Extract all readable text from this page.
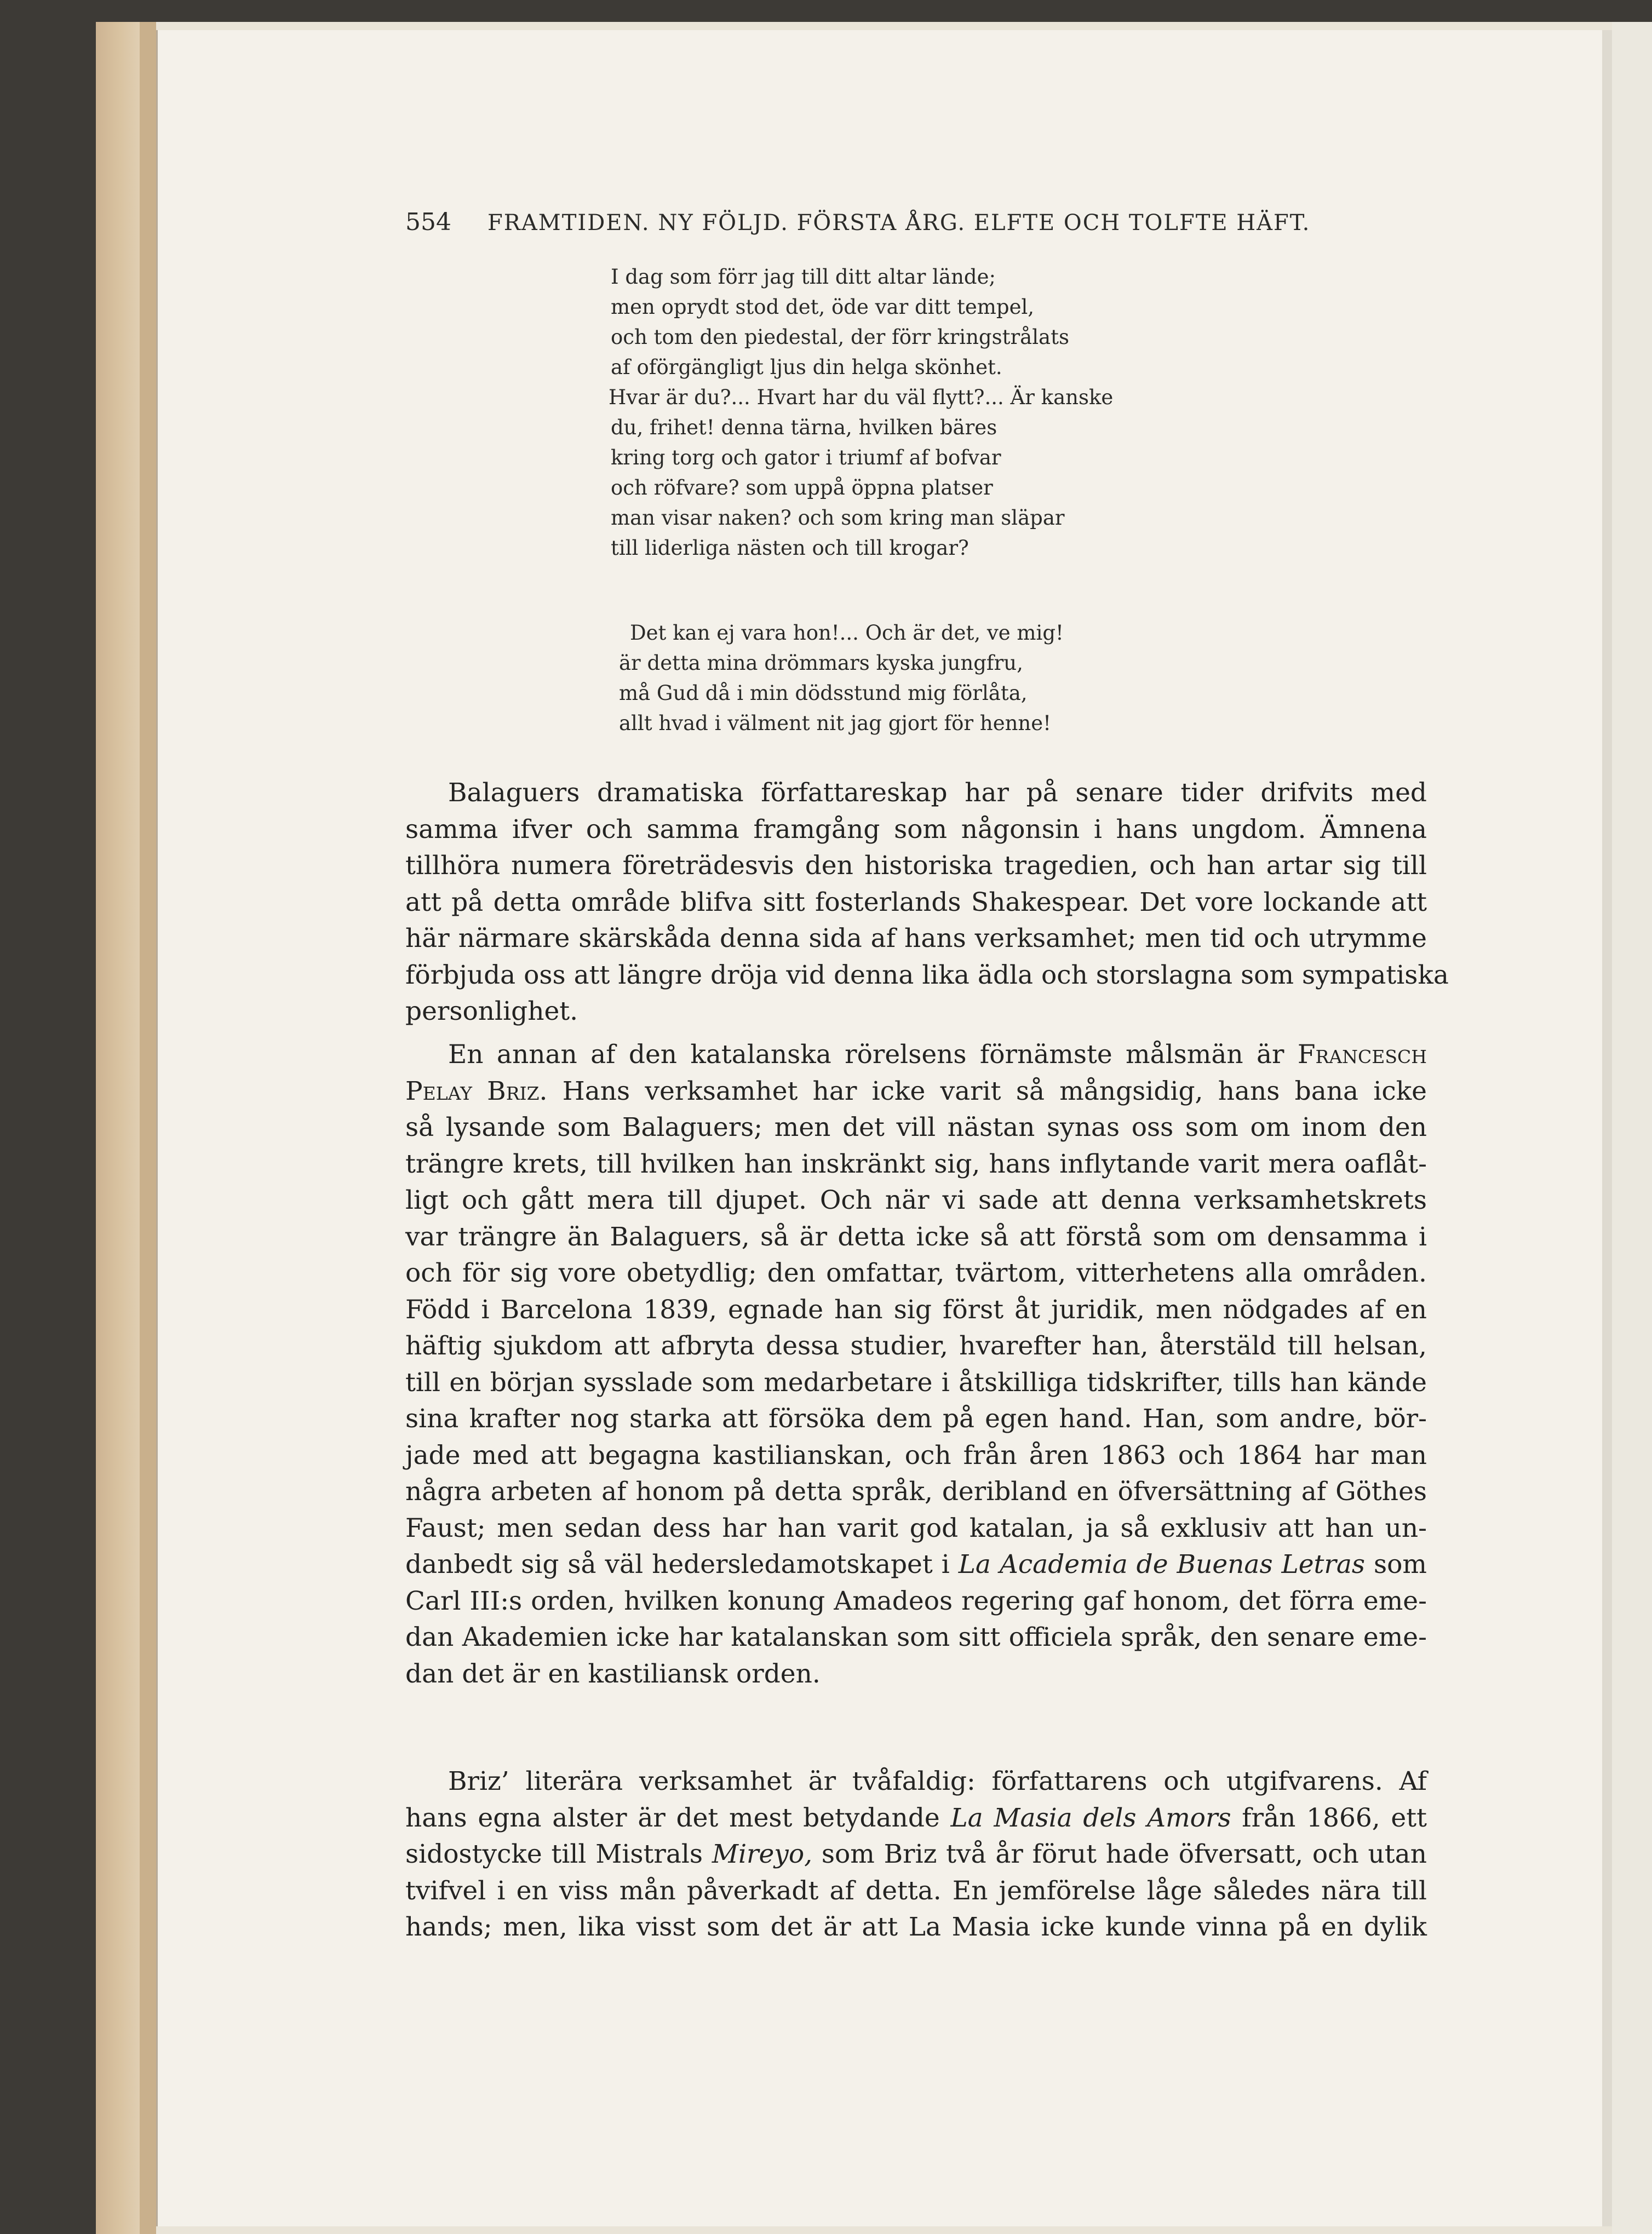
554 FRAMTIDEN. NY FÖLJD. FÖRSTA ÅRG. ELFTE OCH TOLFTE HÄFT.
I dag som förr jag till ditt altar lände;
men oprydt stod det, öde var ditt tempel,
och tom den piedestal, der förr kringstrålats
af oförgängligt ljus din helga skönhet.
Hvar är du?... Hvart har du väl flytt?... Är kanske
du, frihet! denna tärna, hvilken bäres
kring torg och gator i triumf af bofvar
och röfvare? som uppå öppna platser
man visar naken? och som kring man släpar
till liderliga nästen och till krogar?
Det kan ej vara hon!... Och är det, ve mig!
är detta mina drömmars kyska jungfru,
må Gud då i min dödsstund mig förlåta,
allt hvad i välment nit jag gjort för henne!
Balaguers dramatiska författareskap har på senare tider drifvits med
samma ifver och samma framgång som någonsin i hans ungdom. Ämnena
tillhöra numera företrädesvis den historiska tragedien, och han artar sig till
att på detta område blifva sitt fosterlands Shakespear. Det vore lockande att
här närmare skärskåda denna sida af hans verksamhet; men tid och utrymme
förbjuda oss att längre dröja vid denna lika ädla och storslagna som sympatiska
personlighet.
En annan af den katalanska rörelsens förnämste målsmän är Francesch
Pelay Briz. Hans verksamhet har icke varit så mångsidig, hans bana icke
så lysande som Balaguers; men det vill nästan synas oss som om inom den
trängre krets, till hvilken han inskränkt sig, hans inflytande varit mera oaflåt-
ligt och gått mera till djupet. Och när vi sade att denna verksamhetskrets
var trängre än Balaguers, så är detta icke så att förstå som om densamma i
och för sig vore obetydlig; den omfattar, tvärtom, vitterhetens alla områden.
Född i Barcelona 1839, egnade han sig först åt juridik, men nödgades af en
häftig sjukdom att afbryta dessa studier, hvarefter han, återstäld till helsan,
till en början sysslade som medarbetare i åtskilliga tidskrifter, tills han kände
sina krafter nog starka att försöka dem på egen hand. Han, som andre, bör-
jade med att begagna kastilianskan, och från åren 1863 och 1864 har man
några arbeten af honom på detta språk, deribland en öfversättning af Göthes
Faust; men sedan dess har han varit god katalan, ja så exklusiv att han un-
danbedt sig så väl hedersledamotskapet i La Academia de Buenas Letras som
Carl III:s orden, hvilken konung Amadeos regering gaf honom, det förra eme-
dan Akademien icke har katalanskan som sitt officiela språk, den senare eme-
dan det är en kastiliansk orden.
Briz’ literära verksamhet är tvåfaldig: författarens och utgifvarens. Af
hans egna alster är det mest betydande La Masia dels Amors från 1866, ett
sidostycke till Mistrals Mireyo, som Briz två år förut hade öfversatt, och utan
tvifvel i en viss mån påverkadt af detta. En jemförelse låge således nära till
hands; men, lika visst som det är att La Masia icke kunde vinna på en dylik
